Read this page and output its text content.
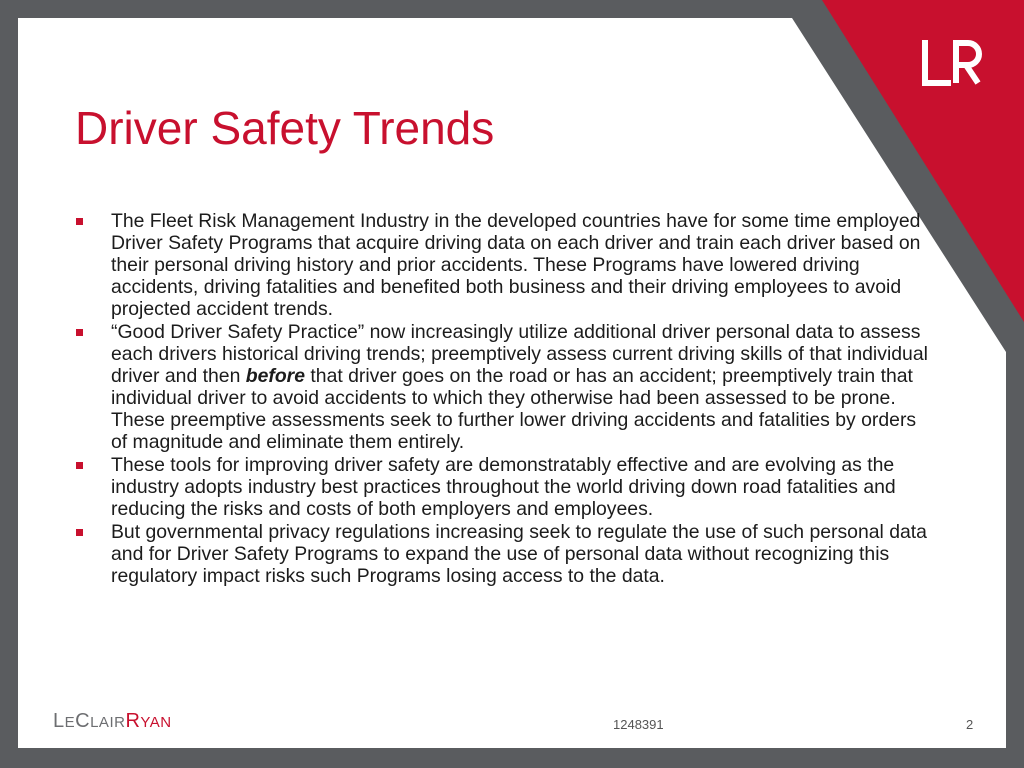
Driver Safety Trends
The Fleet Risk Management Industry in the developed countries have for some time employed Driver Safety Programs that acquire driving data on each driver and train each driver based on their personal driving history and prior accidents. These Programs have lowered driving accidents, driving fatalities and benefited both business and their driving employees to avoid projected accident trends.
“Good Driver Safety Practice” now increasingly utilize additional driver personal data to assess each drivers historical driving trends; preemptively assess current driving skills of that individual driver and then before that driver goes on the road or has an accident; preemptively train that individual driver to avoid accidents to which they otherwise had been assessed to be prone. These preemptive assessments seek to further lower driving accidents and fatalities by orders of magnitude and eliminate them entirely.
These tools for improving driver safety are demonstratably effective and are evolving as the industry adopts industry best practices throughout the world driving down road fatalities and reducing the risks and costs of both employers and employees.
But governmental privacy regulations increasing seek to regulate the use of such personal data and for Driver Safety Programs to expand the use of personal data without recognizing this regulatory impact risks such Programs losing access to the data.
LECLAIRRYAN	1248391	2
